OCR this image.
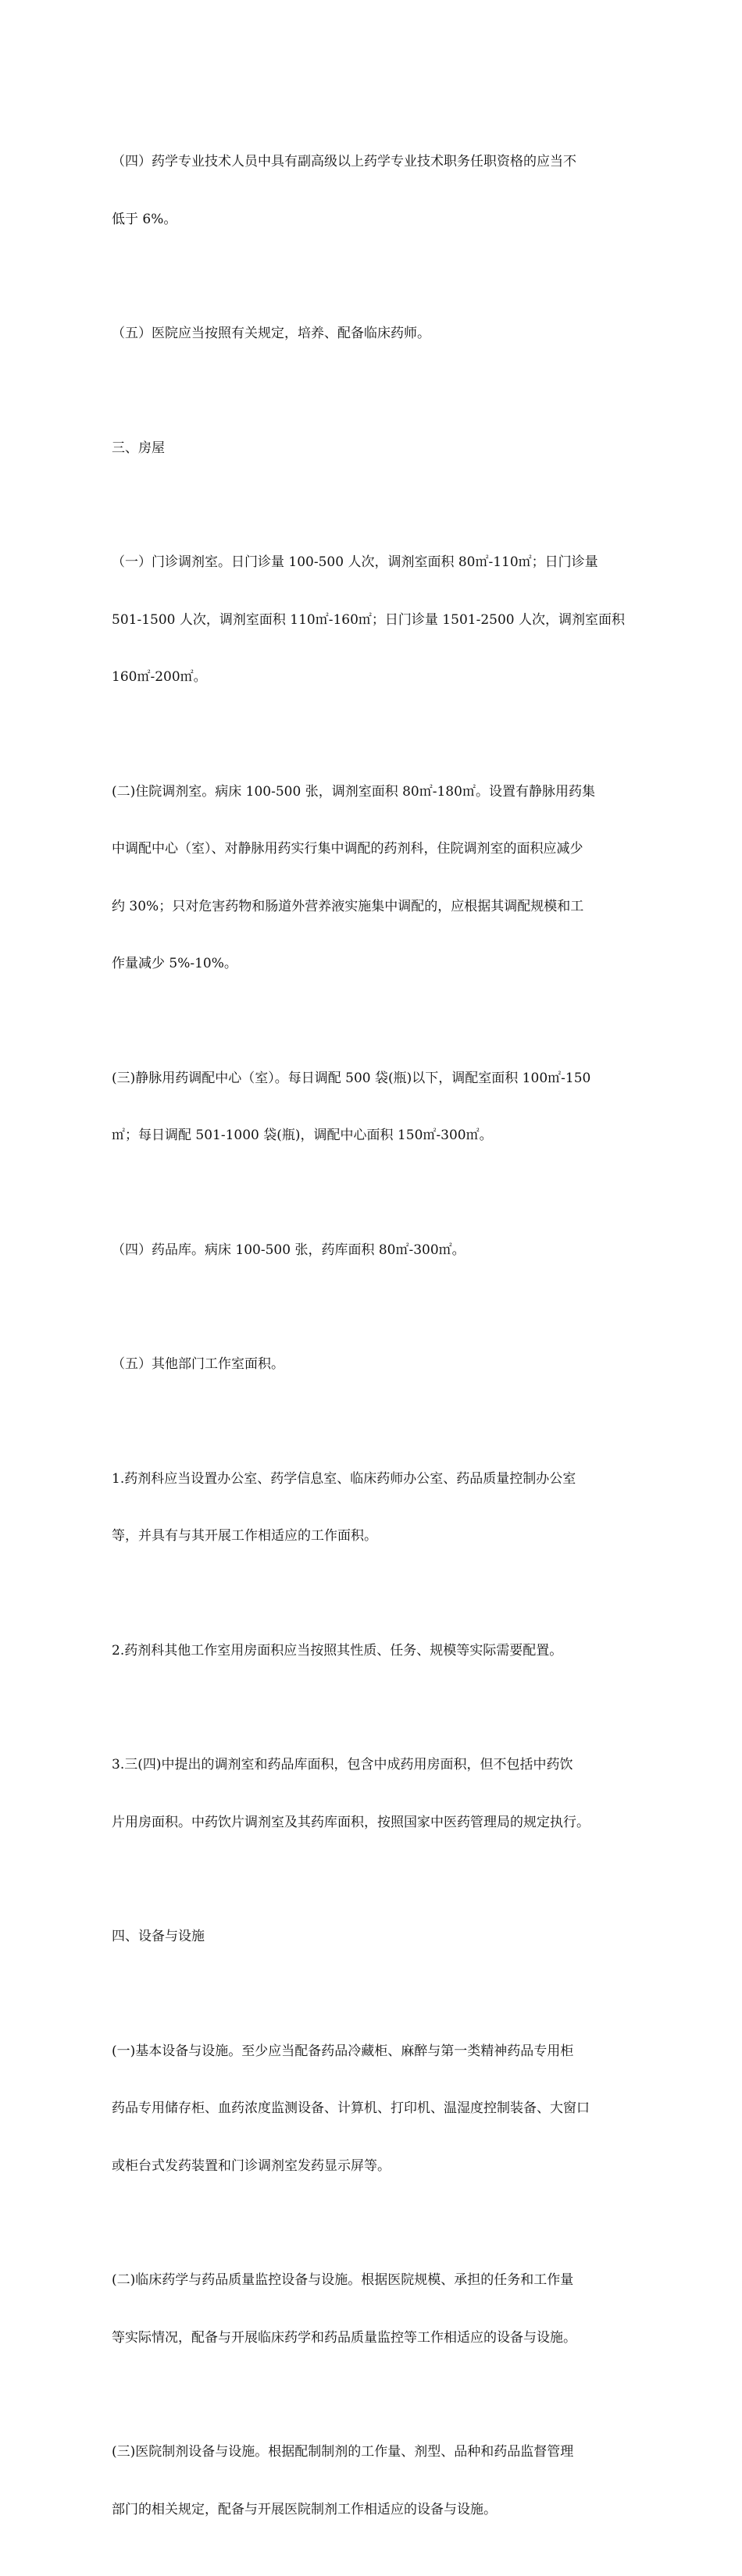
（四）药学专业技术人员中具有副高级以上药学专业技术职务任职资格的应当不

低于 6%。

（五）医院应当按照有关规定，培养、配备临床药师。

三、房屋

（一）门诊调剂室。日门诊量 100-500 人次，调剂室面积 80㎡-110㎡；日门诊量

501-1500 人次，调剂室面积 110㎡-160㎡；日门诊量 1501-2500 人次，调剂室面积

160㎡-200㎡。

(二)住院调剂室。病床 100-500 张，调剂室面积 80㎡-180㎡。设置有静脉用药集

中调配中心（室）、对静脉用药实行集中调配的药剂科，住院调剂室的面积应减少

约 30%；只对危害药物和肠道外营养液实施集中调配的，应根据其调配规模和工

作量减少 5%-10%。

(三)静脉用药调配中心（室）。每日调配 500 袋(瓶)以下，调配室面积 100㎡-150

㎡；每日调配 501-1000 袋(瓶)，调配中心面积 150㎡-300㎡。

（四）药品库。病床 100-500 张，药库面积 80㎡-300㎡。

（五）其他部门工作室面积。

1.药剂科应当设置办公室、药学信息室、临床药师办公室、药品质量控制办公室

等，并具有与其开展工作相适应的工作面积。

2.药剂科其他工作室用房面积应当按照其性质、任务、规模等实际需要配置。

3.三(四)中提出的调剂室和药品库面积，包含中成药用房面积，但不包括中药饮

片用房面积。中药饮片调剂室及其药库面积，按照国家中医药管理局的规定执行。

四、设备与设施

(一)基本设备与设施。至少应当配备药品冷藏柜、麻醉与第一类精神药品专用柜

药品专用储存柜、血药浓度监测设备、计算机、打印机、温湿度控制装备、大窗口

或柜台式发药装置和门诊调剂室发药显示屏等。

(二)临床药学与药品质量监控设备与设施。根据医院规模、承担的任务和工作量

等实际情况，配备与开展临床药学和药品质量监控等工作相适应的设备与设施。

(三)医院制剂设备与设施。根据配制制剂的工作量、剂型、品种和药品监督管理

部门的相关规定，配备与开展医院制剂工作相适应的设备与设施。
